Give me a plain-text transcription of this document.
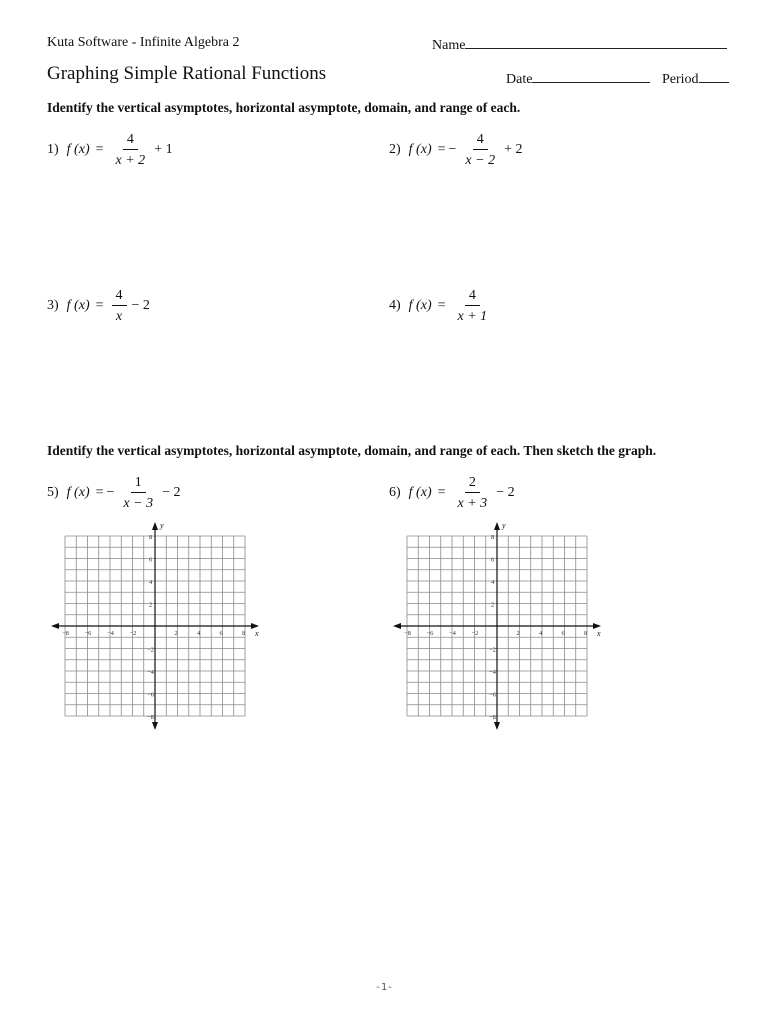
Kuta Software - Infinite Algebra 2	Name
Graphing Simple Rational Functions	Date	Period
Identify the vertical asymptotes, horizontal asymptote, domain, and range of each.
1) f $(x) = \frac{4}{x + 2} + 1$	2) f (x) = − $\frac{4}{x - 2} + 2$
3) f $(x) = \frac{4}{x} - 2$	4) f $(x) = \frac{4}{x + 1}$
Identify the vertical asymptotes, horizontal asymptote, domain, and range of each. Then sketch the graph.
5) f (x) = − $\frac{1}{x - 3} - 2$	6) f $(x) = \frac{2}{x + 3} - 2$
x
y
−8 −6 −4 −2	2	4	6	8
8
6
4
2
−2
−4
−6
−8
x
y
−8 −6 −4 −2	2	4	6	8
8
6
4
2
−2
−4
−6
−8
-1-
